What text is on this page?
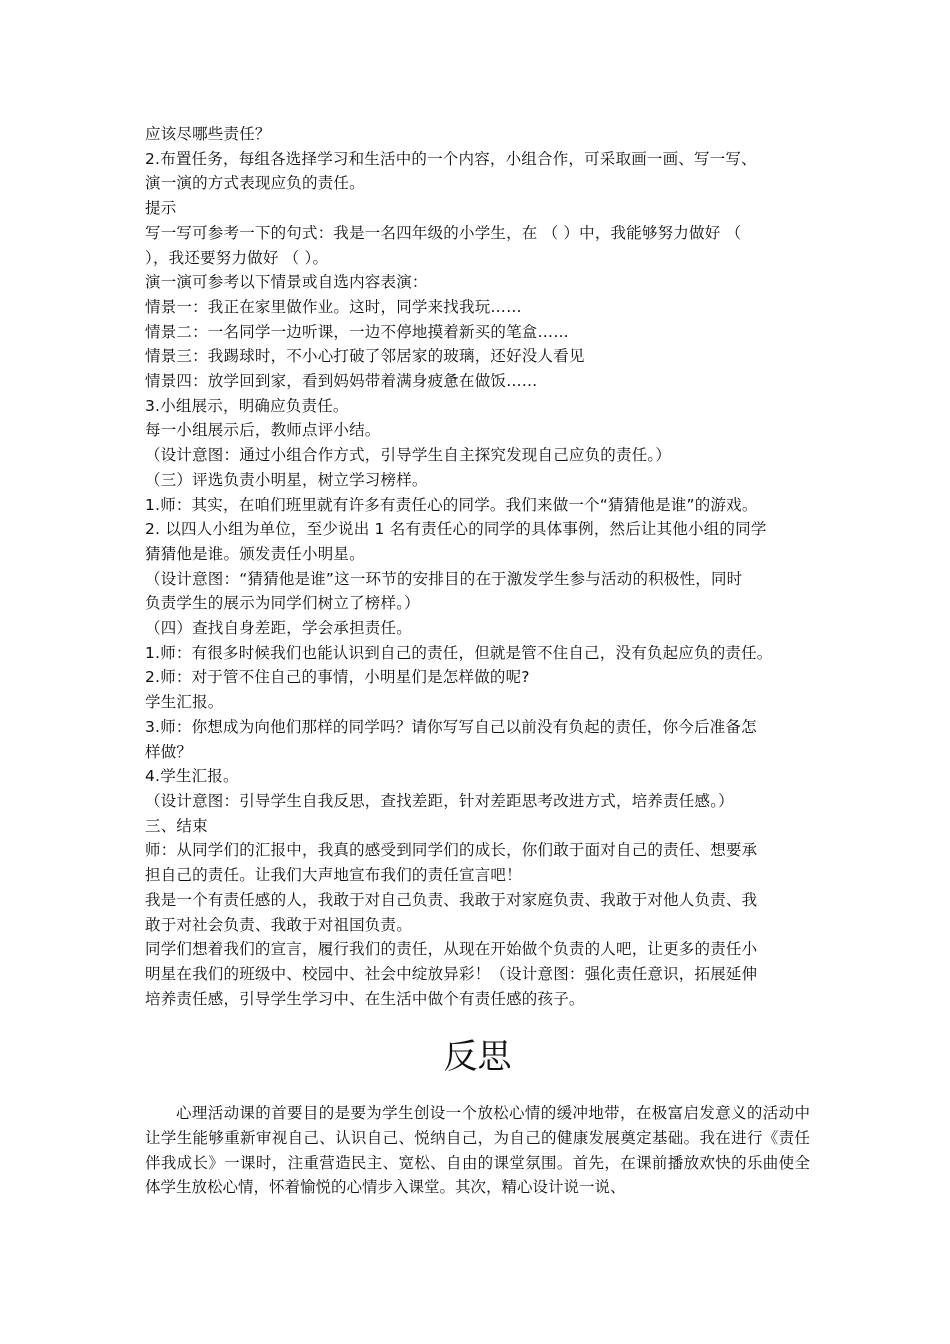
应该尽哪些责任？
2.布置任务，每组各选择学习和生活中的一个内容，小组合作，可采取画一画、写一写、
演一演的方式表现应负的责任。
提示
写一写可参考一下的句式：我是一名四年级的小学生，在 （ ）中，我能够努力做好 （
），我还要努力做好 （ ）。
演一演可参考以下情景或自选内容表演：
情景一：我正在家里做作业。这时，同学来找我玩……
情景二：一名同学一边听课，一边不停地摸着新买的笔盒……
情景三：我踢球时，不小心打破了邻居家的玻璃，还好没人看见
情景四：放学回到家，看到妈妈带着满身疲惫在做饭……
3.小组展示，明确应负责任。
每一小组展示后，教师点评小结。
（设计意图：通过小组合作方式，引导学生自主探究发现自己应负的责任。）
（三）评选负责小明星，树立学习榜样。
1.师：其实，在咱们班里就有许多有责任心的同学。我们来做一个“猜猜他是谁”的游戏。
2. 以四人小组为单位，至少说出 1 名有责任心的同学的具体事例，然后让其他小组的同学
猜猜他是谁。颁发责任小明星。
（设计意图：“猜猜他是谁”这一环节的安排目的在于激发学生参与活动的积极性，同时
负责学生的展示为同学们树立了榜样。）
（四）查找自身差距，学会承担责任。
1.师：有很多时候我们也能认识到自己的责任，但就是管不住自己，没有负起应负的责任。
2.师：对于管不住自己的事情，小明星们是怎样做的呢?
学生汇报。
3.师：你想成为向他们那样的同学吗？请你写写自己以前没有负起的责任，你今后准备怎
样做？
4.学生汇报。
（设计意图：引导学生自我反思，查找差距，针对差距思考改进方式，培养责任感。）
三、结束
师：从同学们的汇报中，我真的感受到同学们的成长，你们敢于面对自己的责任、想要承
担自己的责任。让我们大声地宣布我们的责任宣言吧！
我是一个有责任感的人，我敢于对自己负责、我敢于对家庭负责、我敢于对他人负责、我
敢于对社会负责、我敢于对祖国负责。
同学们想着我们的宣言，履行我们的责任，从现在开始做个负责的人吧，让更多的责任小
明星在我们的班级中、校园中、社会中绽放异彩！（设计意图：强化责任意识，拓展延伸
培养责任感，引导学生学习中、在生活中做个有责任感的孩子。
反思
心理活动课的首要目的是要为学生创设一个放松心情的缓冲地带，在极富启发意义的活动中让学生能够重新审视自己、认识自己、悦纳自己，为自己的健康发展奠定基础。我在进行《责任伴我成长》一课时，注重营造民主、宽松、自由的课堂氛围。首先，在课前播放欢快的乐曲使全体学生放松心情，怀着愉悦的心情步入课堂。其次，精心设计说一说、
